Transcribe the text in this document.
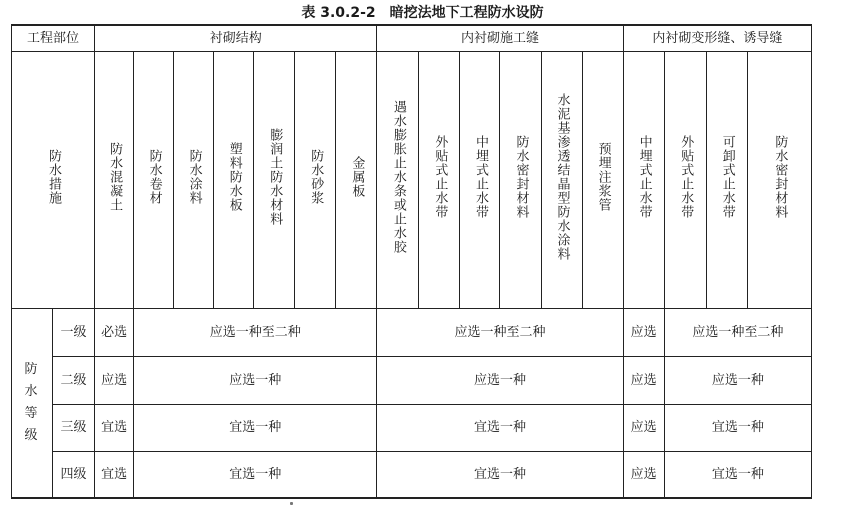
表 3.0.2-2　暗挖法地下工程防水设防
工程部位		衬砌结构							内衬砌施工缝						内衬砌变形缝、诱导缝			
防水措施		防水混凝土	防水卷材	防水涂料	塑料防水板	膨润土防水材料	防水砂浆	金属板	遇水膨胀止水条或止水胶	外贴式止水带	中埋式止水带	防水密封材料	水泥基渗透结晶型防水涂料	预埋注浆管	中埋式止水带	外贴式止水带	可卸式止水带	防水密封材料
防水等级	一级	必选	应选一种至二种						应选一种至二种						应选	应选一种至二种		
	二级	应选	应选一种						应选一种						应选	应选一种		
	三级	宜选	宜选一种						宜选一种						应选	宜选一种		
	四级	宜选	宜选一种						宜选一种						应选	宜选一种		
